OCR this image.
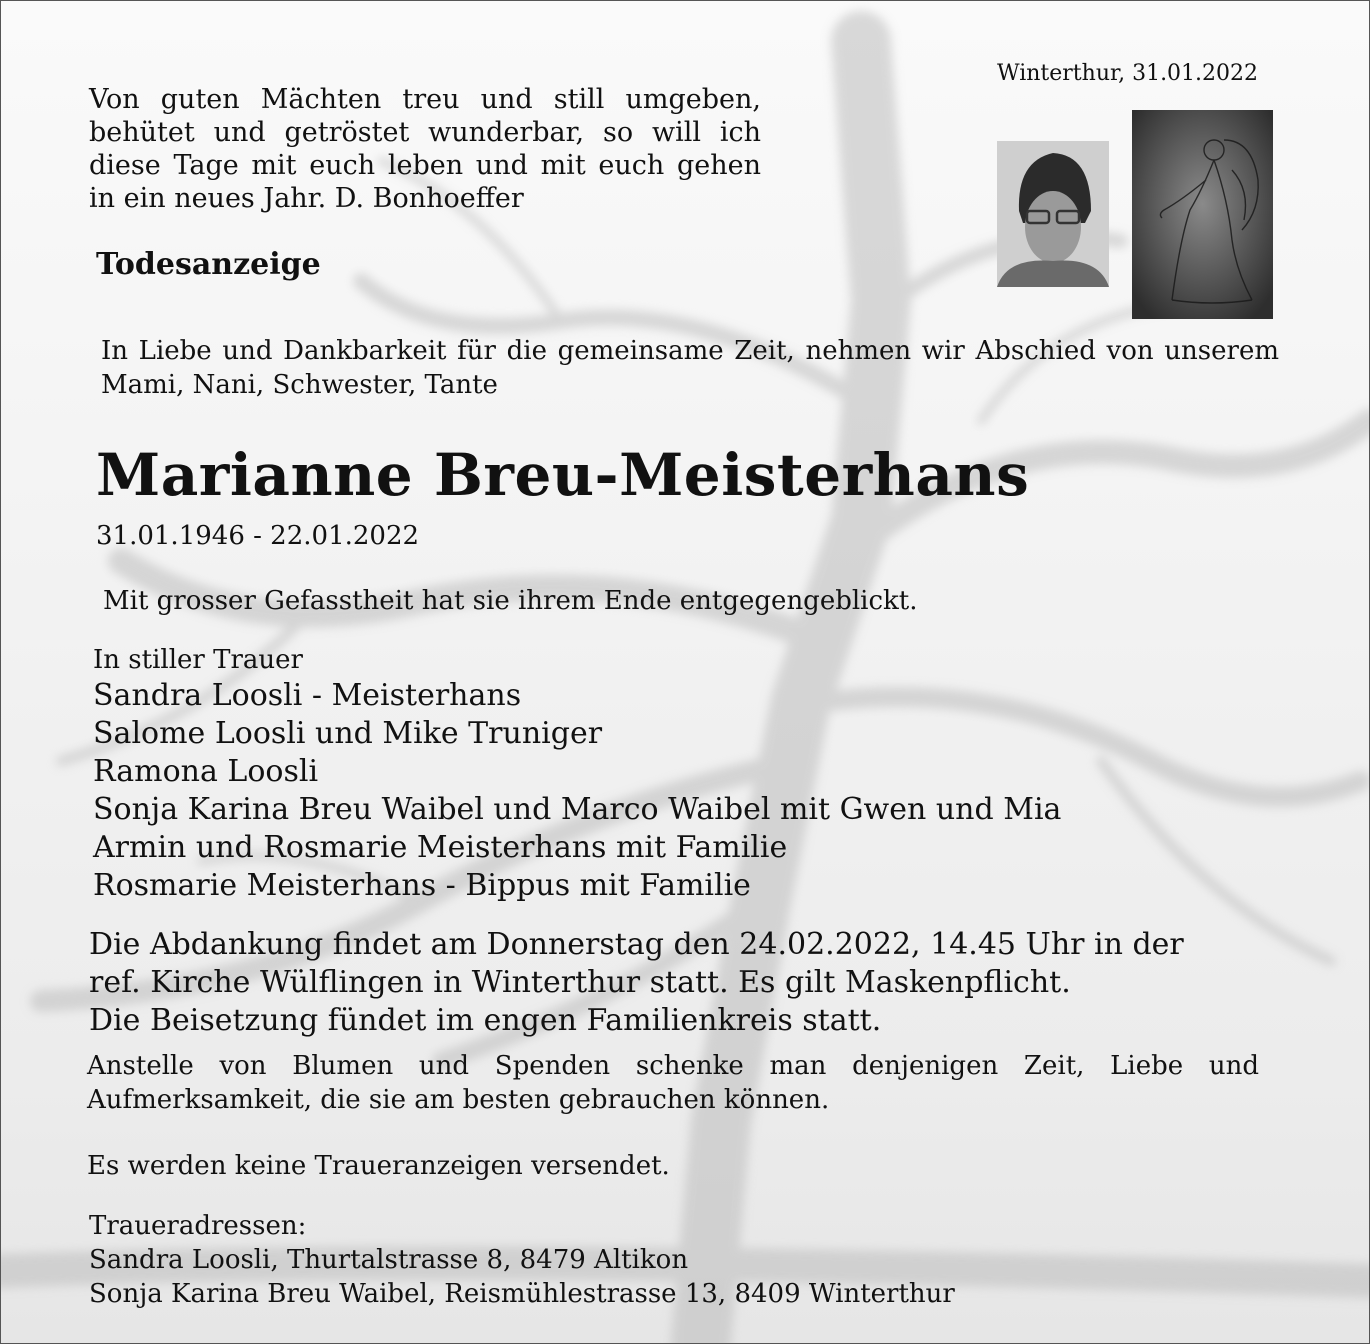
Von guten Mächten treu und still umgeben, behütet und getröstet wunderbar, so will ich diese Tage mit euch leben und mit euch gehen in ein neues Jahr. D. Bonhoeffer
Winterthur, 31.01.2022
Todesanzeige
In Liebe und Dankbarkeit für die gemeinsame Zeit, nehmen wir Abschied von unserem Mami, Nani, Schwester, Tante
Marianne Breu-Meisterhans
31.01.1946 - 22.01.2022
Mit grosser Gefasstheit hat sie ihrem Ende entgegengeblickt.
In stiller Trauer
Sandra Loosli - Meisterhans
Salome Loosli und Mike Truniger
Ramona Loosli
Sonja Karina Breu Waibel und Marco Waibel mit Gwen und Mia
Armin und Rosmarie Meisterhans mit Familie
Rosmarie Meisterhans - Bippus mit Familie
Die Abdankung findet am Donnerstag den 24.02.2022, 14.45 Uhr in der
ref. Kirche Wülflingen in Winterthur statt. Es gilt Maskenpflicht.
Die Beisetzung fündet im engen Familienkreis statt.
Anstelle von Blumen und Spenden schenke man denjenigen Zeit, Liebe und Aufmerksamkeit, die sie am besten gebrauchen können.
Es werden keine Traueranzeigen versendet.
Traueradressen:
Sandra Loosli, Thurtalstrasse 8, 8479 Altikon
Sonja Karina Breu Waibel, Reismühlestrasse 13, 8409 Winterthur
